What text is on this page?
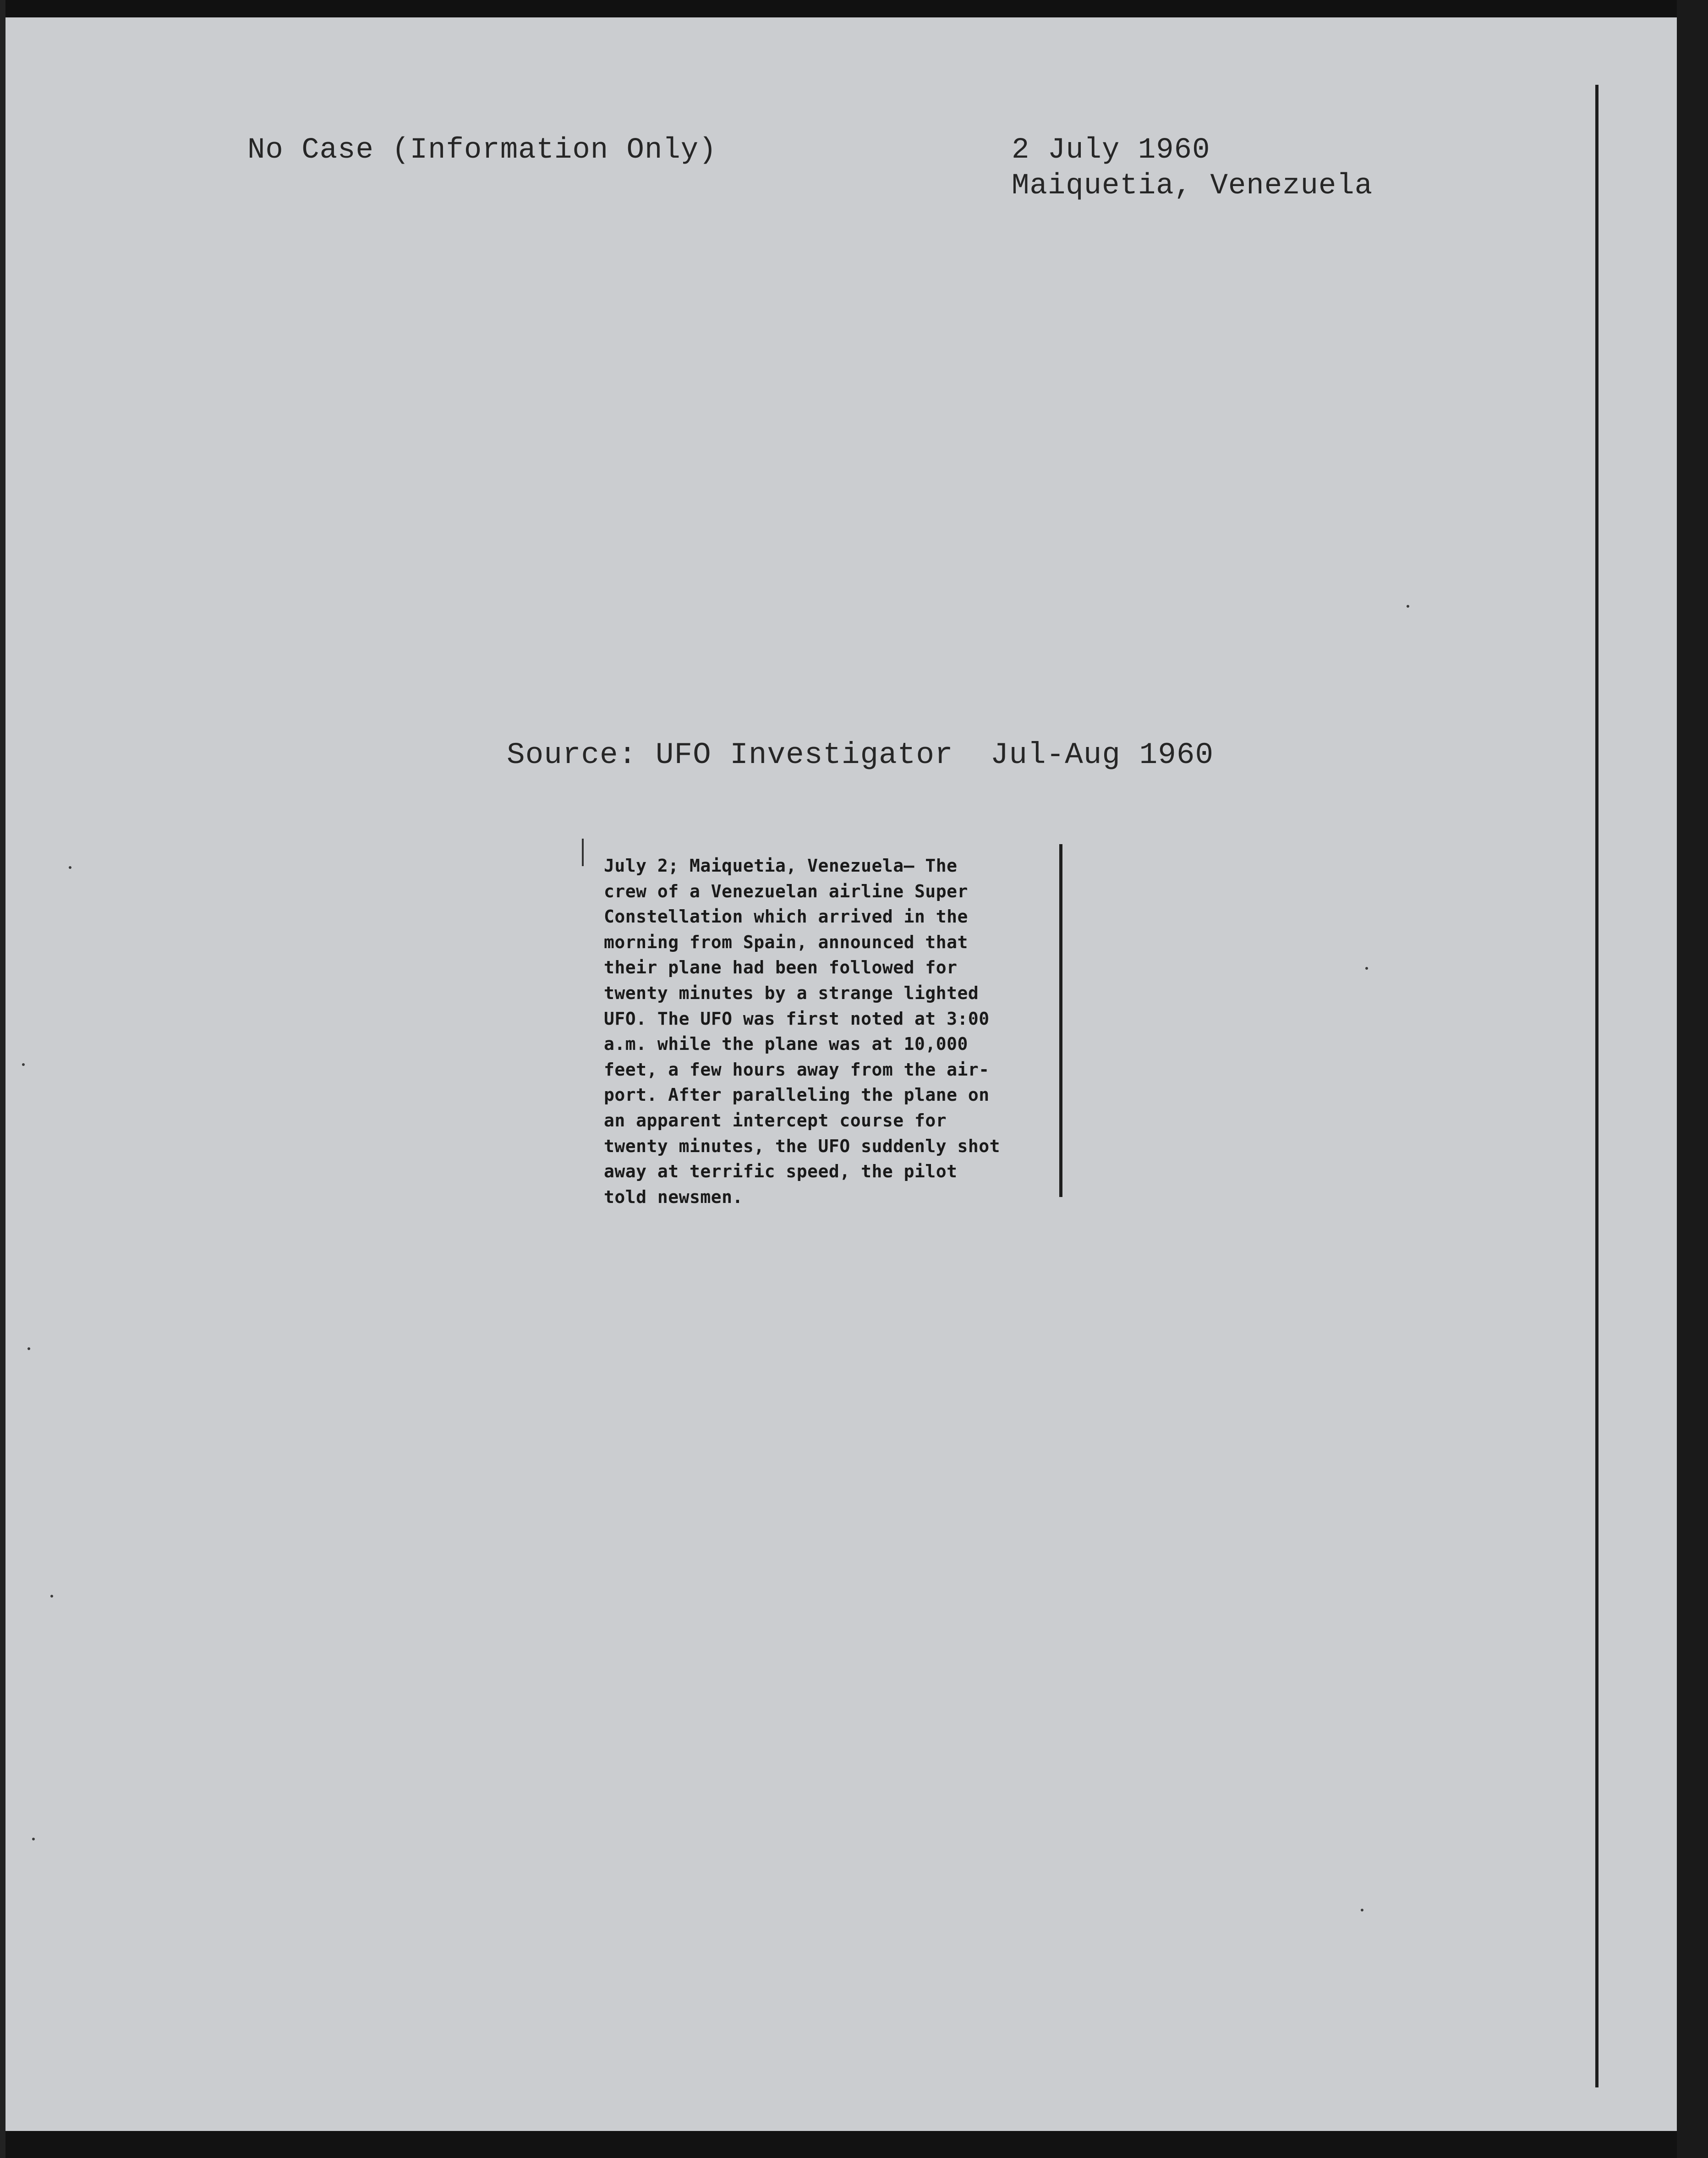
No Case (Information Only)	2 July 1960
Maiquetia, Venezuela
Source: UFO Investigator  Jul-Aug 1960
July 2; Maiquetia, Venezuela— The
crew of a Venezuelan airline Super
Constellation which arrived in the
morning from Spain, announced that
their plane had been followed for
twenty minutes by a strange lighted
UFO. The UFO was first noted at 3:00
a.m. while the plane was at 10,000
feet, a few hours away from the air-
port. After paralleling the plane on
an apparent intercept course for
twenty minutes, the UFO suddenly shot
away at terrific speed, the pilot
told newsmen.
